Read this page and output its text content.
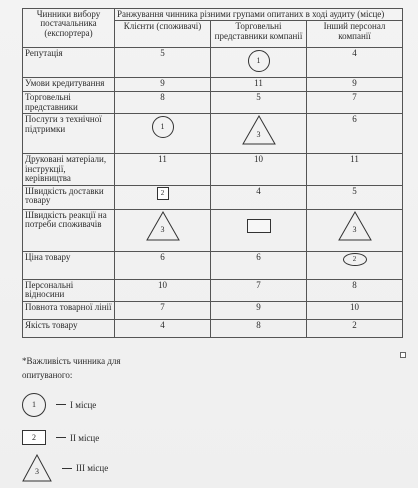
Чинники вибору постачальника (експортера)	Ранжування чинника різними групами опитаних в ході аудиту (місце)		
	Клієнти (споживачі)	Торговельні представники компанії	Інший персонал компанії
Репутація	5	1	4
Умови кредитування	9	11	9
Торговельні представники	8	5	7
Послуги з технічної підтримки	1	3	6
Друковані матеріали, інструкції, керівництва	11	10	11
Швидкість доставки товару	2	4	5
Швидкість реакції на потреби споживачів	3		3

Ціна товару	6	6	2
Персональні відносини	10	7	8
Повнота товарної лінії	7	9	10
Якість товару	4	8	2
*Важливість чинника для
опитуваного:
1	І місце
2	ІІ місце
3	ІІІ місце
